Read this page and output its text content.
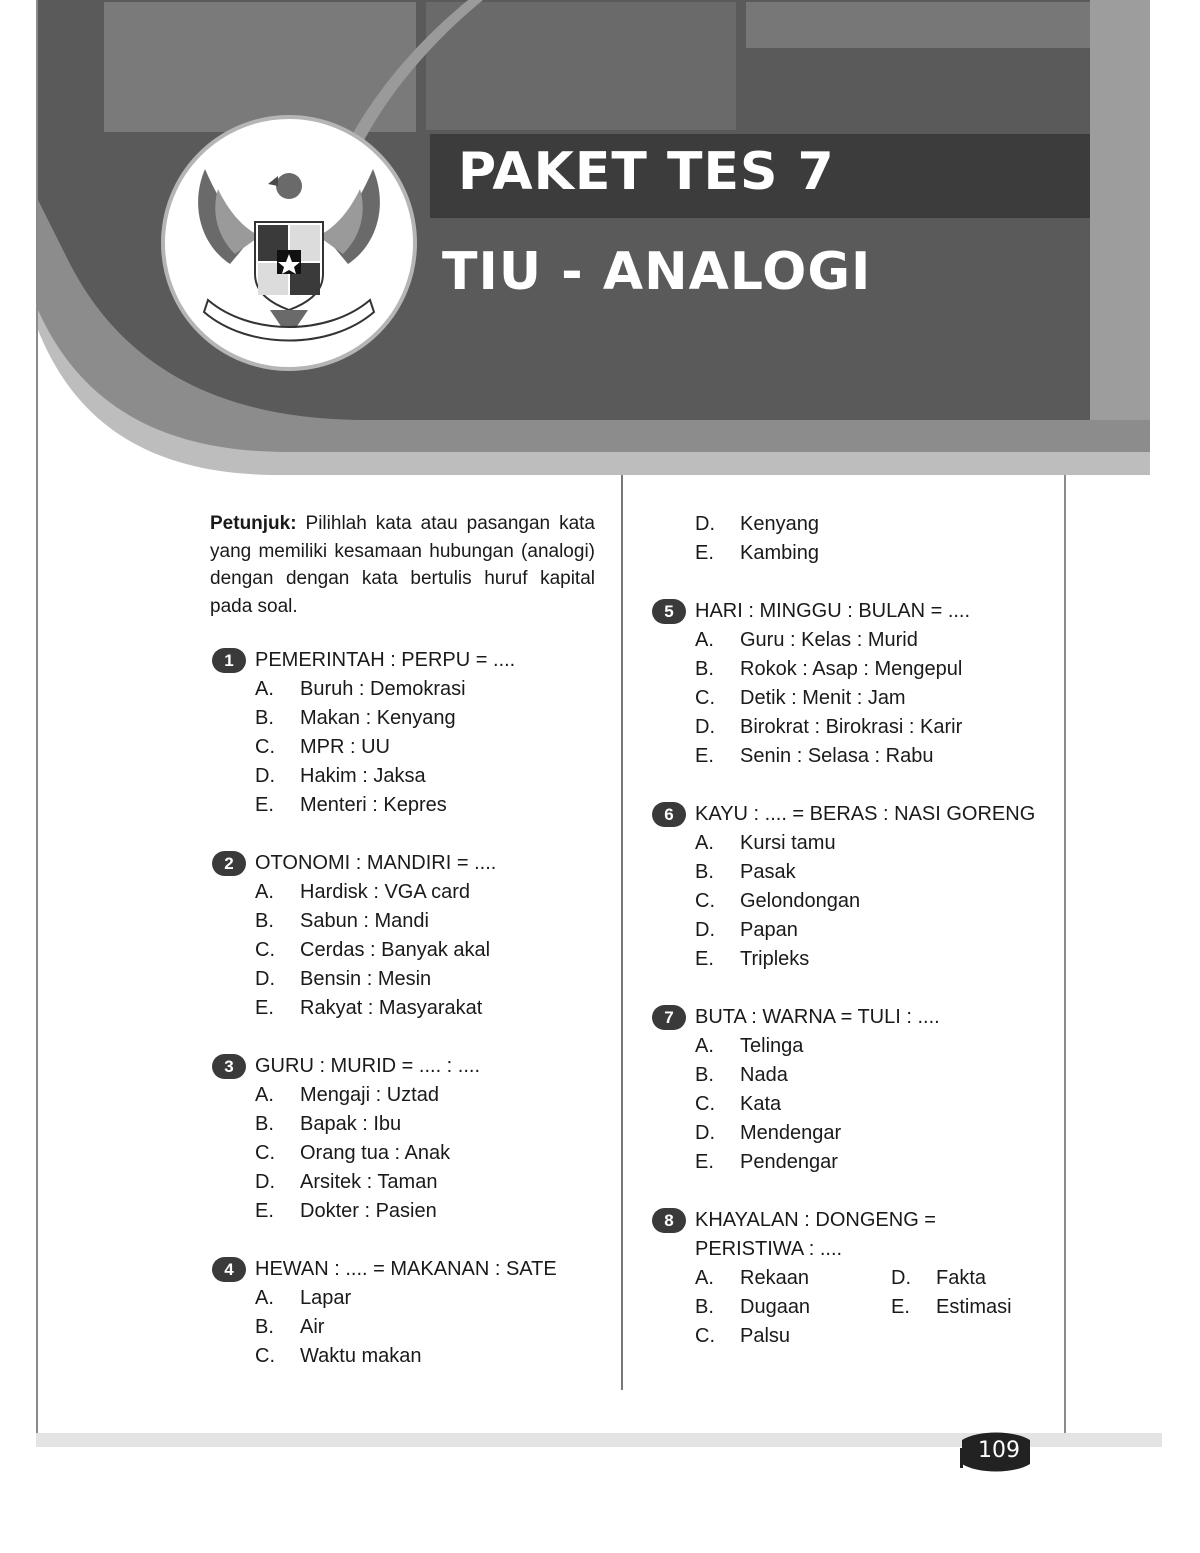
PAKET TES 7
TIU - ANALOGI
Petunjuk: Pilihlah kata atau pasangan kata yang memiliki kesamaan hubungan (analogi) dengan dengan kata bertulis huruf kapital pada soal.
1	PEMERINTAH : PERPU = ....
A.	Buruh : Demokrasi
B.	Makan : Kenyang
C.	MPR : UU
D.	Hakim : Jaksa
E.	Menteri : Kepres
2	OTONOMI : MANDIRI = ....
A.	Hardisk : VGA card
B.	Sabun : Mandi
C.	Cerdas : Banyak akal
D.	Bensin : Mesin
E.	Rakyat : Masyarakat
3	GURU : MURID = .... : ....
A.	Mengaji : Uztad
B.	Bapak : Ibu
C.	Orang tua : Anak
D.	Arsitek : Taman
E.	Dokter : Pasien
4	HEWAN : .... = MAKANAN : SATE
A.	Lapar
B.	Air
C.	Waktu makan
D.	Kenyang
E.	Kambing
5	HARI : MINGGU : BULAN = ....
A.	Guru : Kelas : Murid
B.	Rokok : Asap : Mengepul
C.	Detik : Menit : Jam
D.	Birokrat : Birokrasi : Karir
E.	Senin : Selasa : Rabu
6	KAYU : .... = BERAS : NASI GORENG
A.	Kursi tamu
B.	Pasak
C.	Gelondongan
D.	Papan
E.	Tripleks
7	BUTA : WARNA = TULI : ....
A.	Telinga
B.	Nada
C.	Kata
D.	Mendengar
E.	Pendengar
8	KHAYALAN : DONGENG = PERISTIWA : ....
A.	Rekaan	D.	Fakta
B.	Dugaan	E.	Estimasi
C.	Palsu
109
